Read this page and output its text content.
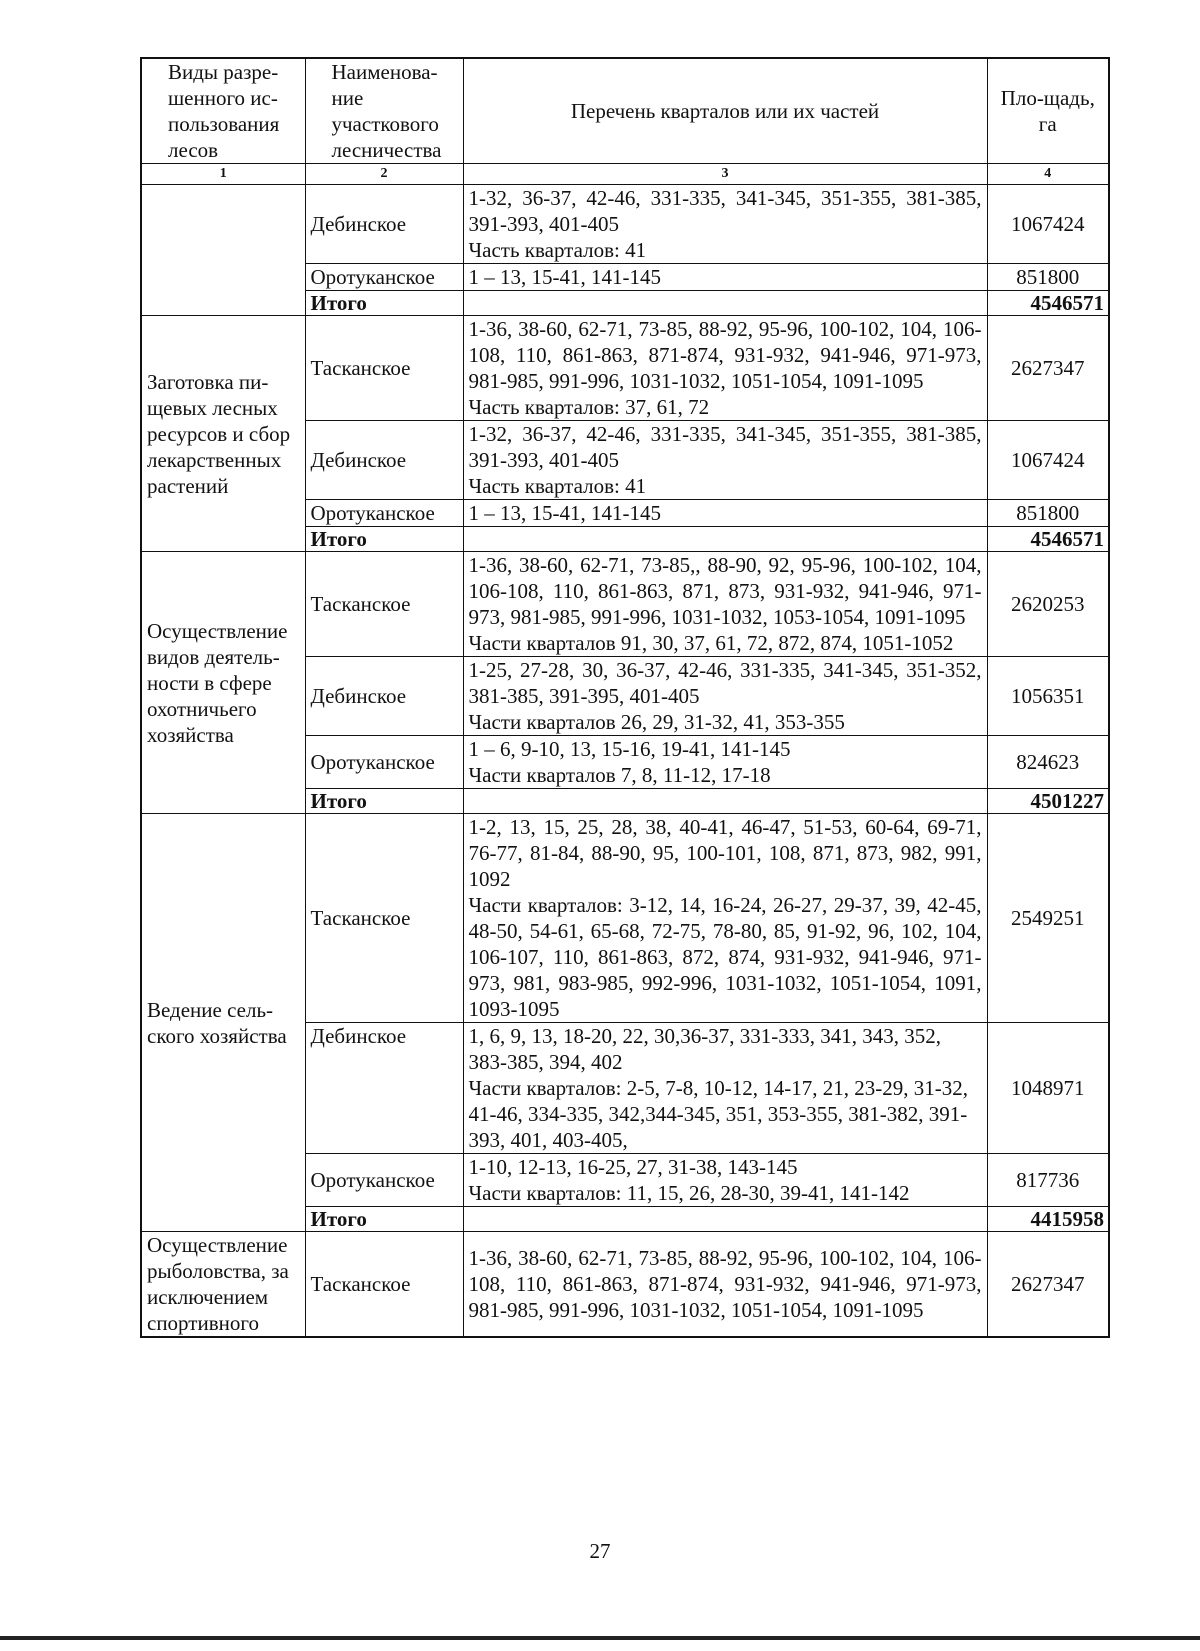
Виды разре-шенного ис-пользования лесов	Наименова-ние участкового лесничества	Перечень кварталов или их частей	Пло-щадь, га
1	2	3	4
	Дебинское	1-32, 36-37, 42-46, 331-335, 341-345, 351-355, 381-385, 391-393, 401-405
Часть кварталов: 41	1067424
	Оротуканское	1 – 13, 15-41, 141-145	851800
	Итого		4546571
Заготовка пи-щевых лесных ресурсов и сбор лекарственных растений	Тасканское	1-36, 38-60, 62-71, 73-85, 88-92, 95-96, 100-102, 104, 106-108, 110, 861-863, 871-874, 931-932, 941-946, 971-973, 981-985, 991-996, 1031-1032, 1051-1054, 1091-1095
Часть кварталов: 37, 61, 72	2627347
	Дебинское	1-32, 36-37, 42-46, 331-335, 341-345, 351-355, 381-385, 391-393, 401-405
Часть кварталов: 41	1067424
	Оротуканское	1 – 13, 15-41, 141-145	851800
	Итого		4546571
Осуществление видов деятель-ности в сфере охотничьего хозяйства	Тасканское	1-36, 38-60, 62-71, 73-85,, 88-90, 92, 95-96, 100-102, 104, 106-108, 110, 861-863, 871, 873, 931-932, 941-946, 971-973, 981-985, 991-996, 1031-1032, 1053-1054, 1091-1095
Части кварталов 91, 30, 37, 61, 72, 872, 874, 1051-1052	2620253
	Дебинское	1-25, 27-28, 30, 36-37, 42-46, 331-335, 341-345, 351-352, 381-385, 391-395, 401-405
Части кварталов 26, 29, 31-32, 41, 353-355	1056351
	Оротуканское	1 – 6, 9-10, 13, 15-16, 19-41, 141-145
Части кварталов 7, 8, 11-12, 17-18	824623
	Итого		4501227
Ведение сель-ского хозяйства	Тасканское	1-2, 13, 15, 25, 28, 38, 40-41, 46-47, 51-53, 60-64, 69-71, 76-77, 81-84, 88-90, 95, 100-101, 108, 871, 873, 982, 991, 1092
Части кварталов: 3-12, 14, 16-24, 26-27, 29-37, 39, 42-45, 48-50, 54-61, 65-68, 72-75, 78-80, 85, 91-92, 96, 102, 104, 106-107, 110, 861-863, 872, 874, 931-932, 941-946, 971-973, 981, 983-985, 992-996, 1031-1032, 1051-1054, 1091, 1093-1095	2549251
	Дебинское	1, 6, 9, 13, 18-20, 22, 30,36-37, 331-333, 341, 343, 352, 383-385, 394, 402
Части кварталов: 2-5, 7-8, 10-12, 14-17, 21, 23-29, 31-32, 41-46, 334-335, 342,344-345, 351, 353-355, 381-382, 391-393, 401, 403-405,	1048971
	Оротуканское	1-10, 12-13, 16-25, 27, 31-38, 143-145
Части кварталов: 11, 15, 26, 28-30, 39-41, 141-142	817736
	Итого		4415958
Осуществление рыболовства, за исключением спортивного	Тасканское	1-36, 38-60, 62-71, 73-85, 88-92, 95-96, 100-102, 104, 106-108, 110, 861-863, 871-874, 931-932, 941-946, 971-973, 981-985, 991-996, 1031-1032, 1051-1054, 1091-1095	2627347
27
